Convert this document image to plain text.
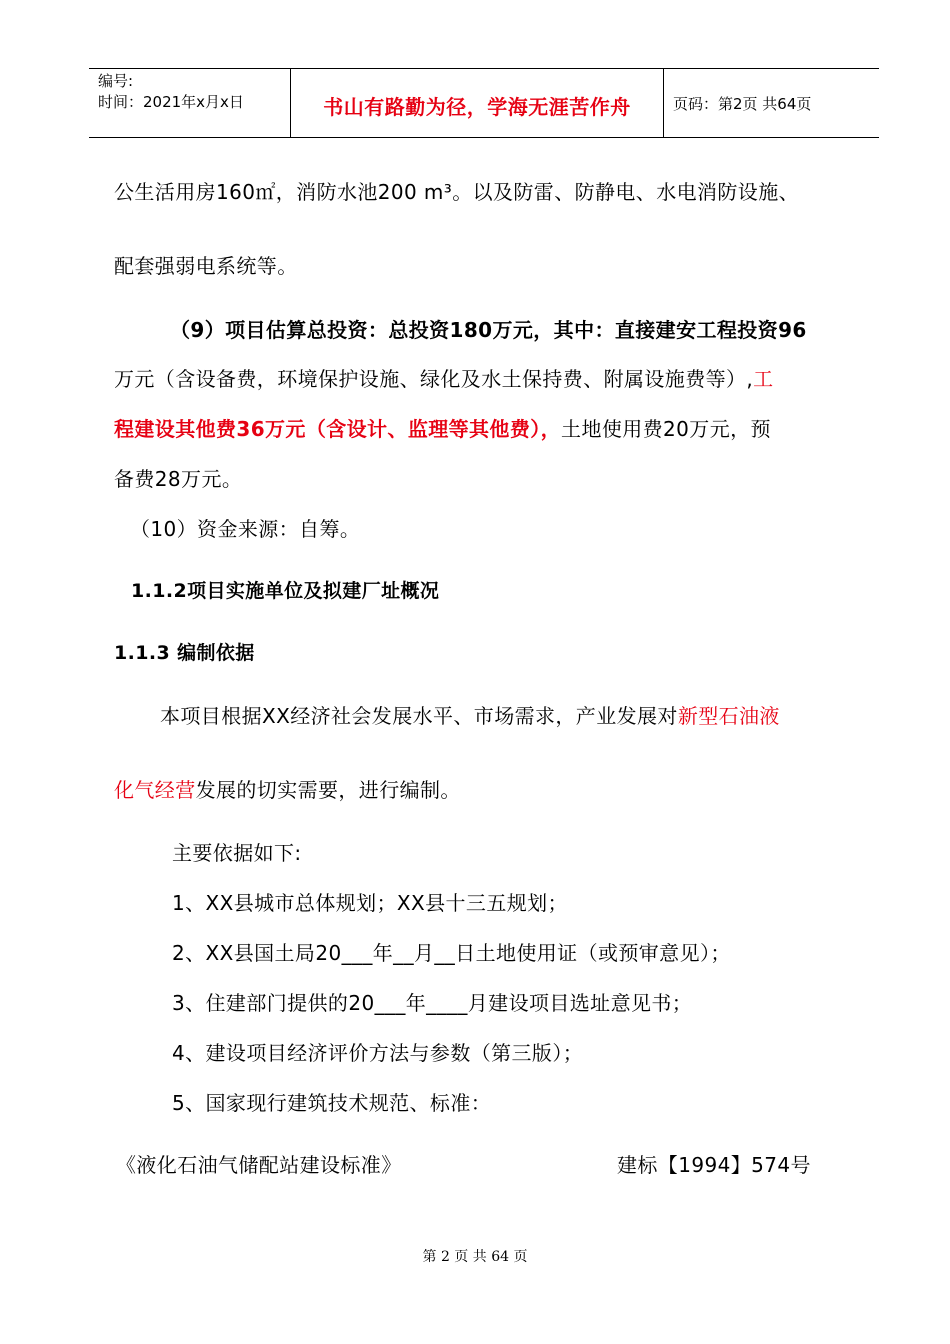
编号:
时间：2021年x月x日	书山有路勤为径，学海无涯苦作舟	页码：第2页 共64页
公生活用房160㎡，消防水池200 m³。以及防雷、防静电、水电消防设施、
配套强弱电系统等。
（9）项目估算总投资：总投资180万元，其中：直接建安工程投资96
万元（含设备费，环境保护设施、绿化及水土保持费、附属设施费等）,工
程建设其他费36万元（含设计、监理等其他费），土地使用费20万元，预
备费28万元。
（10）资金来源：自筹。
1.1.2项目实施单位及拟建厂址概况
1.1.3 编制依据
本项目根据XX经济社会发展水平、市场需求，产业发展对新型石油液
化气经营发展的切实需要，进行编制。
主要依据如下:
1、XX县城市总体规划；XX县十三五规划；
2、XX县国土局20___年__月__日土地使用证（或预审意见）；
3、住建部门提供的20___年____月建设项目选址意见书；
4、建设项目经济评价方法与参数（第三版）；
5、国家现行建筑技术规范、标准：
《液化石油气储配站建设标准》	建标【1994】574号
第 2 页 共 64 页
